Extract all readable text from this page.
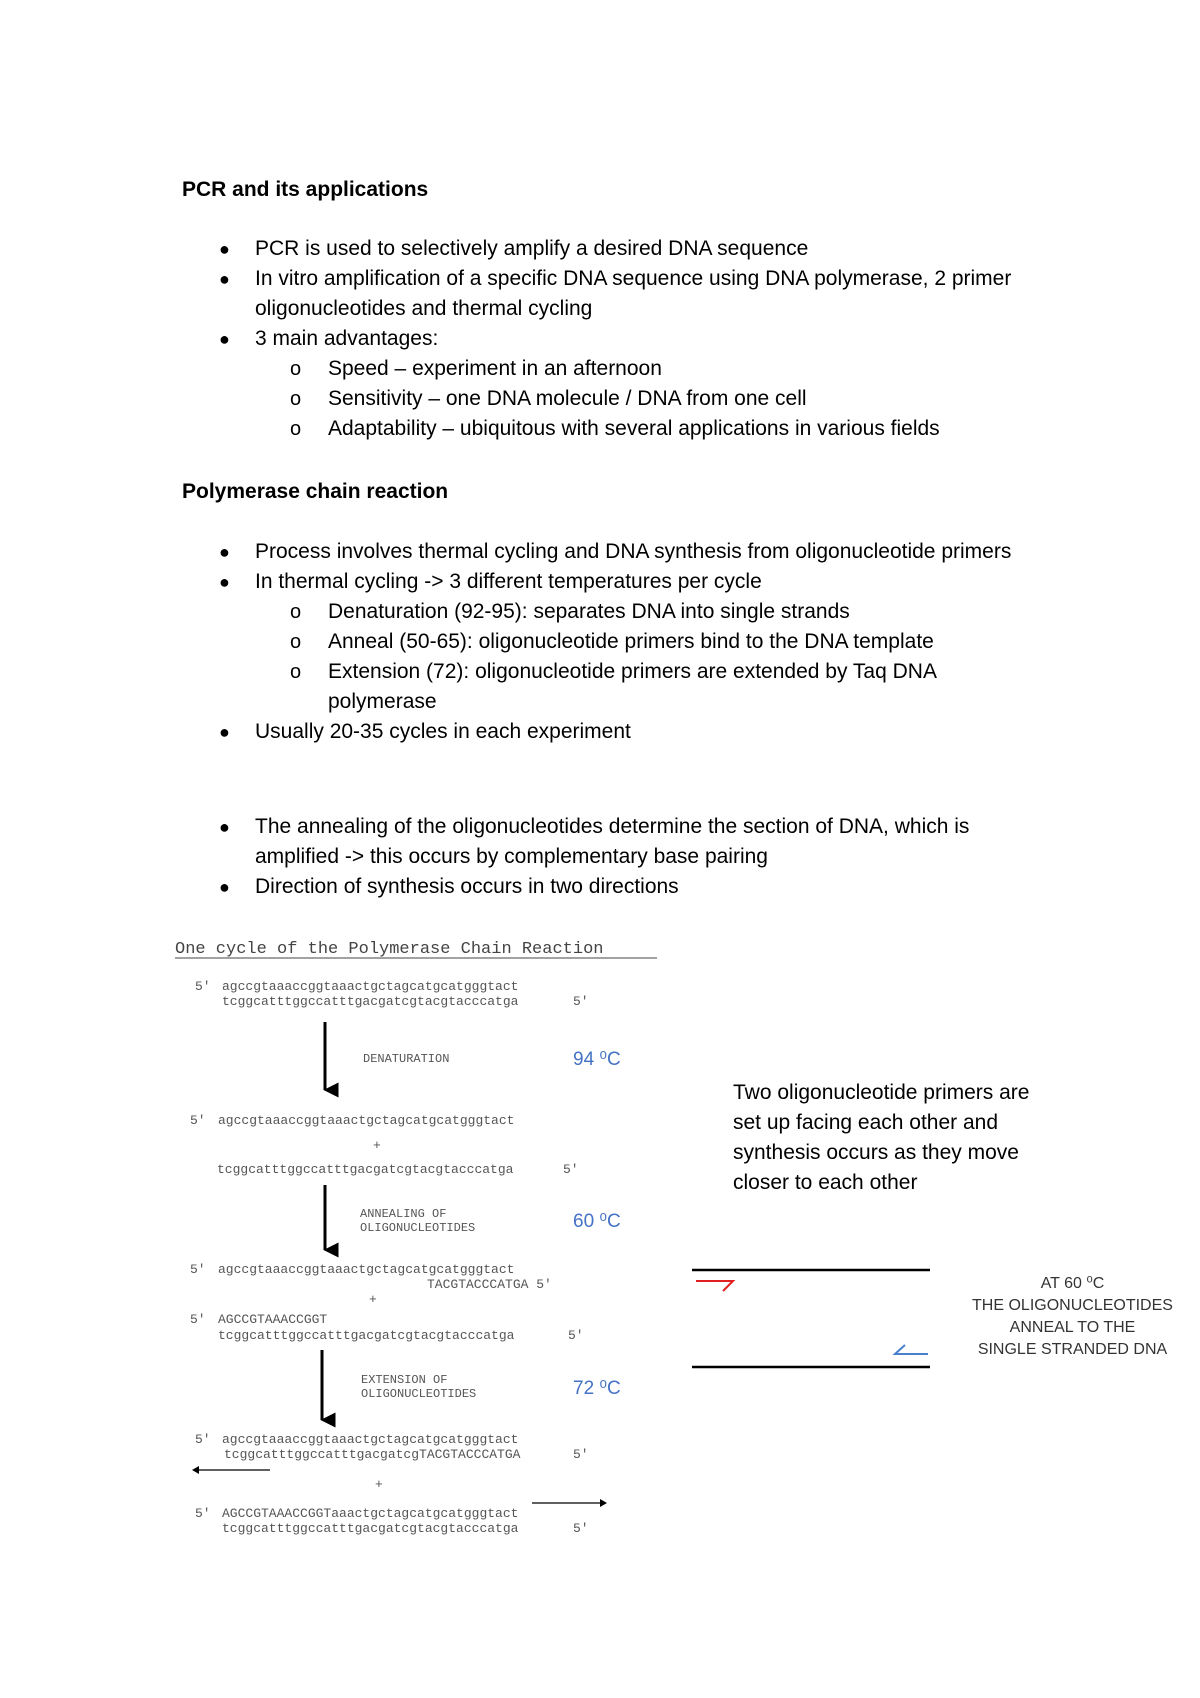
PCR and its applications
● PCR is used to selectively amplify a desired DNA sequence
● In vitro amplification of a specific DNA sequence using DNA polymerase, 2 primer oligonucleotides and thermal cycling
● 3 main advantages:
o Speed – experiment in an afternoon
o Sensitivity – one DNA molecule / DNA from one cell
o Adaptability – ubiquitous with several applications in various fields
Polymerase chain reaction
● Process involves thermal cycling and DNA synthesis from oligonucleotide primers
● In thermal cycling -> 3 different temperatures per cycle
o Denaturation (92-95): separates DNA into single strands
o Anneal (50-65): oligonucleotide primers bind to the DNA template
o Extension (72): oligonucleotide primers are extended by Taq DNA polymerase
● Usually 20-35 cycles in each experiment
● The annealing of the oligonucleotides determine the section of DNA, which is amplified -> this occurs by complementary base pairing
● Direction of synthesis occurs in two directions
One cycle of the Polymerase Chain Reaction
5' agccgtaaaccggtaaactgctagcatgcatgggtact
tcggcatttggccatttgacgatcgtacgtacccatga	5'
5' agccgtaaaccggtaaactgctagcatgcatgggtact
+
tcggcatttggccatttgacgatcgtacgtacccatga	5'
5' agccgtaaaccggtaaactgctagcatgcatgggtact
TACGTACCCATGA 5'
+
5' AGCCGTAAACCGGT
tcggcatttggccatttgacgatcgtacgtacccatga	5'
5' agccgtaaaccggtaaactgctagcatgcatgggtact
tcggcatttggccatttgacgatcgTACGTACCCATGA	5'
+
5' AGCCGTAAACCGGTaaactgctagcatgcatgggtact
tcggcatttggccatttgacgatcgtacgtacccatga	5'
DENATURATION
ANNEALING OF
OLIGONUCLEOTIDES
EXTENSION OF
OLIGONUCLEOTIDES
94 ⁰C
60 ⁰C
72 ⁰C
Two oligonucleotide primers are set up facing each other and synthesis occurs as they move closer to each other
AT 60 ⁰C
THE OLIGONUCLEOTIDES
ANNEAL TO THE
SINGLE STRANDED DNA
